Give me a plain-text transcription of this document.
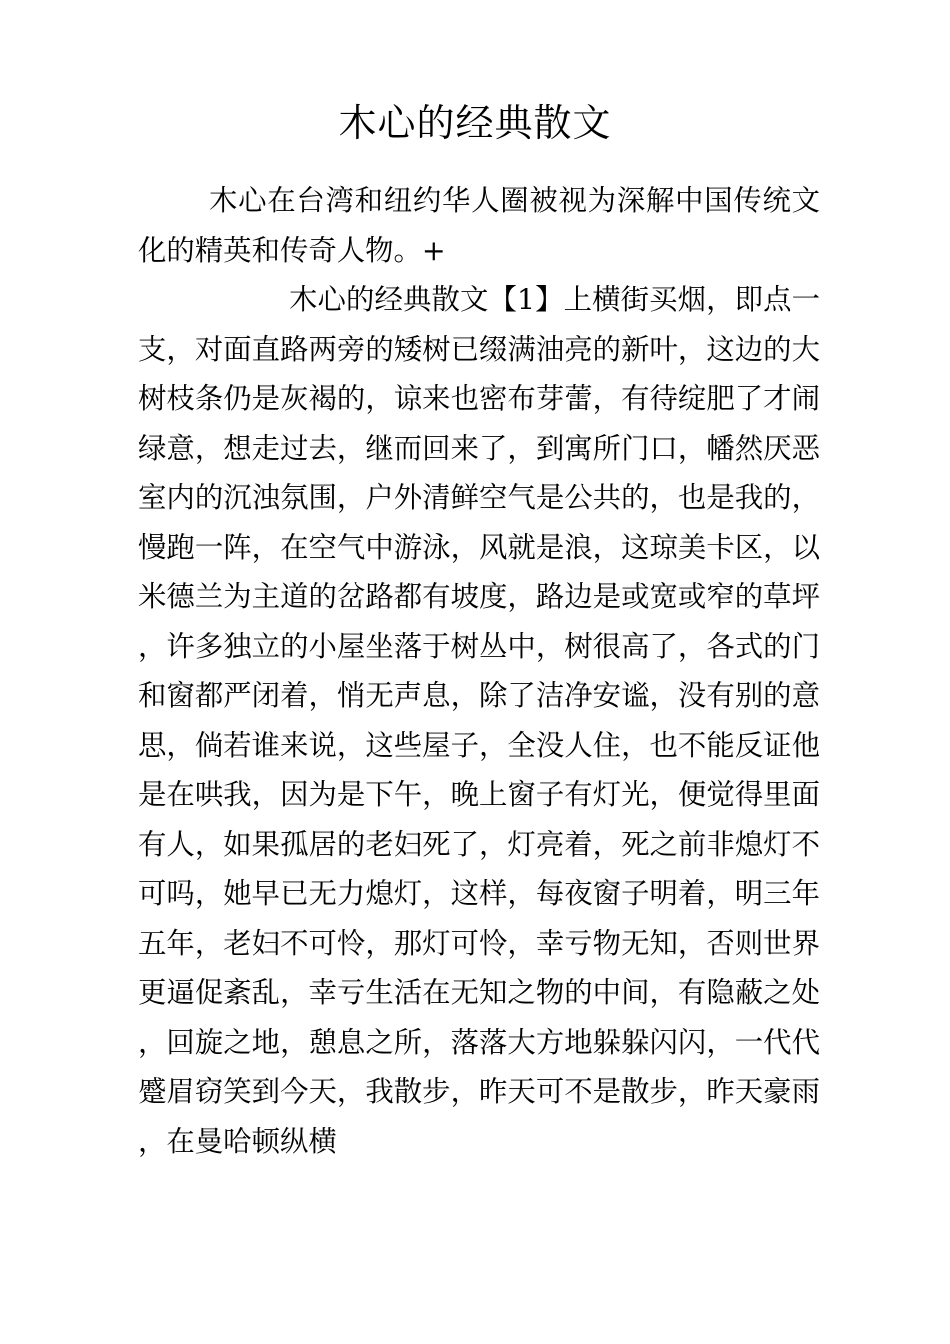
木心的经典散文

木心在台湾和纽约华人圈被视为深解中国传统文化的精英和传奇人物。+

木心的经典散文【1】上横街买烟，即点一支，对面直路两旁的矮树已缀满油亮的新叶，这边的大树枝条仍是灰褐的，谅来也密布芽蕾，有待绽肥了才闹绿意，想走过去，继而回来了，到寓所门口，幡然厌恶室内的沉浊氛围，户外清鲜空气是公共的，也是我的，慢跑一阵，在空气中游泳，风就是浪，这琼美卡区，以米德兰为主道的岔路都有坡度，路边是或宽或窄的草坪，许多独立的小屋坐落于树丛中，树很高了，各式的门和窗都严闭着，悄无声息，除了洁净安谧，没有别的意思，倘若谁来说，这些屋子，全没人住，也不能反证他是在哄我，因为是下午，晚上窗子有灯光，便觉得里面有人，如果孤居的老妇死了，灯亮着，死之前非熄灯不可吗，她早已无力熄灯，这样，每夜窗子明着，明三年五年，老妇不可怜，那灯可怜，幸亏物无知，否则世界更逼促紊乱，幸亏生活在无知之物的中间，有隐蔽之处，回旋之地，憩息之所，落落大方地躲躲闪闪，一代代蹙眉窃笑到今天，我散步，昨天可不是散步，昨天豪雨，在曼哈顿纵横
